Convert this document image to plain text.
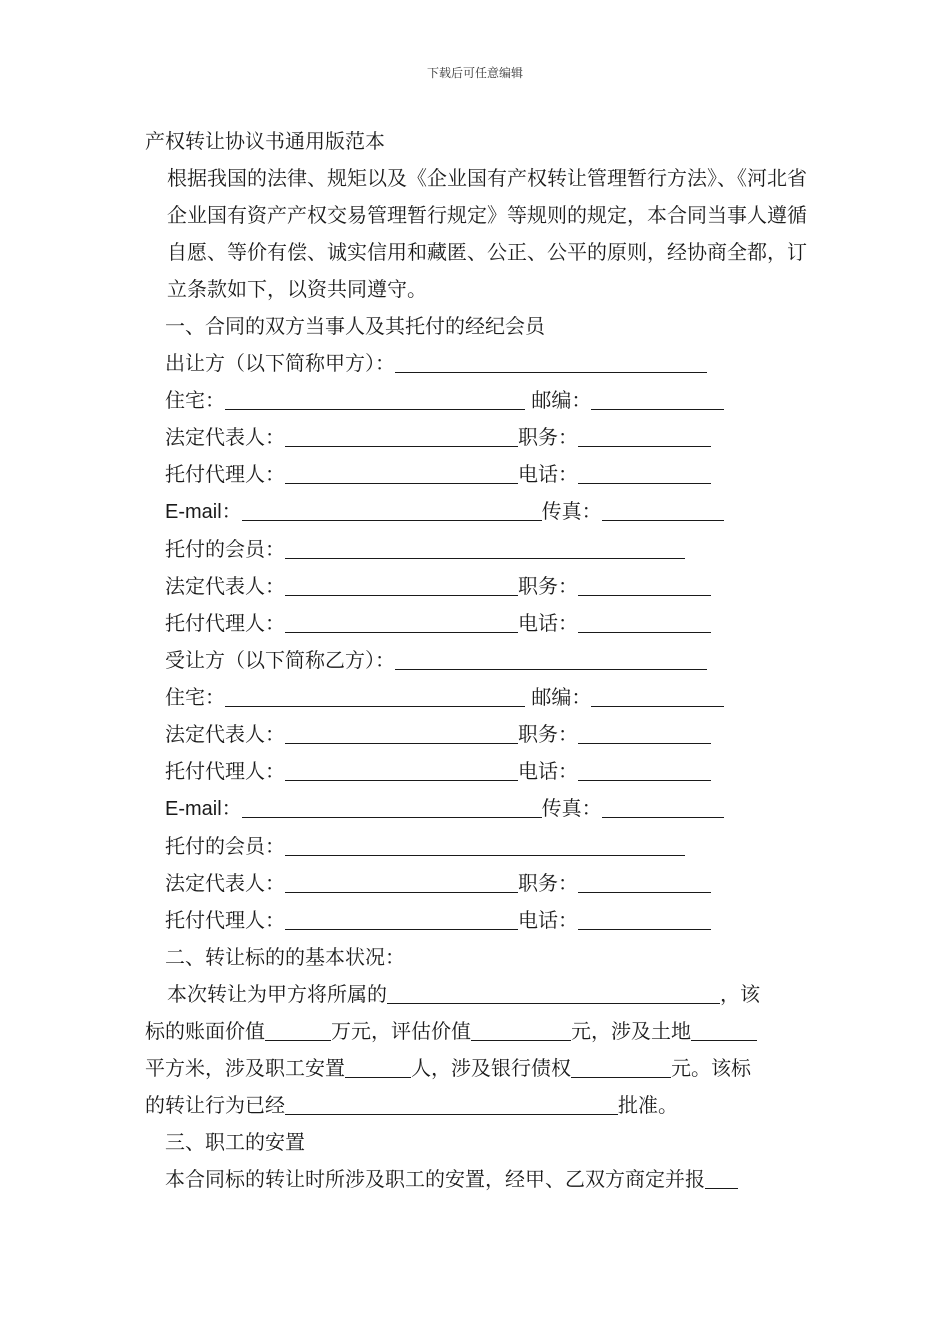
下载后可任意编辑
产权转让协议书通用版范本
根据我国的法律、规矩以及《企业国有产权转让管理暂行方法》、《河北省企业国有资产产权交易管理暂行规定》等规则的规定，本合同当事人遵循自愿、等价有偿、诚实信用和藏匿、公正、公平的原则，经协商全都，订立条款如下，以资共同遵守。
一、合同的双方当事人及其托付的经纪会员
出让方（以下简称甲方）：
住宅：	邮编：
法定代表人：	职务：
托付代理人：	电话：
E-mail：	传真：
托付的会员：
法定代表人：	职务：
托付代理人：	电话：
受让方（以下简称乙方）：
住宅：	邮编：
法定代表人：	职务：
托付代理人：	电话：
E-mail：	传真：
托付的会员：
法定代表人：	职务：
托付代理人：	电话：
二、转让标的的基本状况：
本次转让为甲方将所属的	，该
标的账面价值	万元，评估价值	元，涉及土地
平方米，涉及职工安置	人，涉及银行债权	元。该标
的转让行为已经	批准。
三、职工的安置
本合同标的转让时所涉及职工的安置，经甲、乙双方商定并报
